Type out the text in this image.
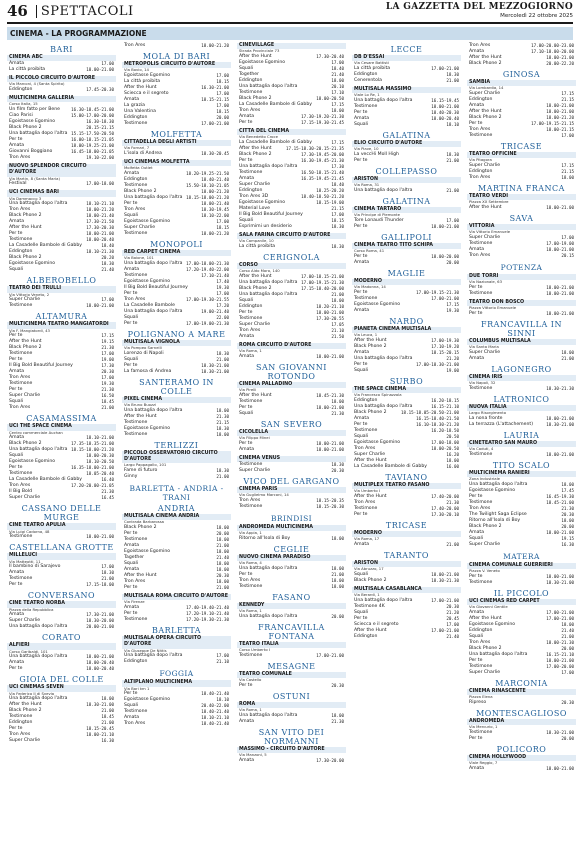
46 SPETTACOLI	LA GAZZETTA DEL MEZZOGIORNO
Mercoledì 22 ottobre 2025
CINEMA - LA PROGRAMMAZIONE
BARI
CINEMA ABC
Amata	17.00
La città proibita	18.00-21.00
IL PICCOLO CIRCUITO D'AUTORE
Via Marconi, 4 (Santa Spirito)
Eddington	17.45-20.30
MULTICINEMA GALLERIA
Corso Italia, 15
Un film fatto per Bene	16.30-18.45-21.00
Ciao Parisi	15.00-17.00-20.00
Egoistasse Egomino	16.30-18.30
Black Phone 2	20.15-21.15
Una battaglia dopo l'altra 15.15-17.50-20.50
Per te	16.00-18.15-21.05
Amata	18.00-19.25-21.00
Giovanni Boggiano	16.45-18.00-21.05
Tron Ares	19.10-22.00
NUOVO SPLENDOR CIRCUITO D'AUTORE
Via Martin, 8 (Santa Maria)
Festival	17.00-18.00
UCI CINEMAS BARI
Via Dammacco 3
Una battaglia dopo l'altra	18.10-21.10
Tron Ares	18.00-21.20
Black Phone 2	18.00-21.40
Amata	17.30-21.50
After the Hunt	17.30-20.30
Per te	18.00-21.00
Testimone	18.00-20.40
La Casadelle Bambole di Gabby	18.40
Eddington	18.10-21.30
Black Phone 2	20.20
Egoistasse Egomino	18.30
Squali	21.40
ALBEROBELLO
TEATRO DEI TRULLI
Via Vittorio Veneto, 2
Super Charlie	17.00
Testimone	18.00-21.00
ALTAMURA
MULTICINEMA TEATRO MANGIATORDI
Via F. Mangiatordi, 43
Per te	17.15
After the Hunt	19.15
Black Phone 2	21.30
Testimone	17.00
Per te	19.00
Il Big Bold Beautiful Journey	17.30
Amata	20.30
Tron Ares	17.00
Testimone	19.30
Per te	21.30
Super Charlie	16.50
Squali	18.45
Tron Ares	21.00
CASAMASSIMA
UCI THE SPACE CINEMA
Centro commerciale Auchan
Amata	18.10-21.00
Black Phone 2	17.35-18.35-21.00
Una battaglia dopo l'altra 18.15-18.00-21.20
Squali	18.00-20.30
Egoistasse Egomino	18.10-20.50
Per te	16.35-18.00-21.00
Testimone	18.05-20.40
La Casadelle Bambole di Gabby	16.40
Tron Ares	17.20-20.00-21.05
Il Big Bold	21.30
Super Charlie	16.45
CASSANO DELLE MURGE
CINE TEATRO APULIA
Via Luigi Cadorna, 48
Testimone	18.00-21.00
CASTELLANA GROTTE
MILLELUCI
Via Matteotti, 11
Il bambino di Sarajevo	17.00
Amata	18.30
Testimone	21.00
Per te	17.15-18.00
CONVERSANO
CINE TEATRO NORBA
Piazza della Repubblica
Amata	17.30-21.00
Super Charlie	18.30-20.00
Una battaglia dopo l'altra	20.00-21.00
CORATO
ALFIERI
Corso Garibaldi, 101
Una battaglia dopo l'altra	18.00-21.00
Amata	18.00-20.40
Per te	18.00-20.40
GIOIA DEL COLLE
UCI CINEMAS SEVEN
Via Federico II di Svevia
Una battaglia dopo l'altra	18.00
After the Hunt	18.30-21.00
Black Phone 2	21.00
Testimone	18.45
Eddington	21.00
Per te	18.15-20.45
Tron Ares	18.00-21.10
Super Charlie	16.30
Tron Ares	18.00-21.20
MOLA DI BARI
METROPOLIS CIRCUITO D'AUTORE
Via Bovio, 14
Egoistasse Egomino	17.00
La città proibita	18.15
After the Hunt	16.30-21.00
Sciecca e il segreto	17.00
Amata	18.15-21.15
La grazia	17.00
Una Valentina	18.15
Eddington	20.00
Testimone	17.00-21.00
MOLFETTA
CITTADELLA DEGLI ARTISTI
Via Fornari, 7
L'isola di Andrea	18.30-20.45
UCI CINEMAS MOLFETTA
Molfetta Outlet
Amata	18.20-19.25-21.50
Eddington	18.40-21.40
Testimone	15.50-18.10-21.05
Black Phone 2	18.00-21.20
Una battaglia dopo l'altra 18.15-18.00-21.20
Per te	18.00-21.40
Tron Ares	18.30-19.45
Squali	18.10-22.00
Egoistasse Egomino	17.00
Super Charlie	18.15
Testimone	18.00-21.20
MONOPOLI
RED CARPET CINEMA
Via Baione, 101
Una battaglia dopo l'altra 17.00-18.00-21.30
Amata	17.20-19.40-22.00
Testimone	17.10-21.40
Egoistasse Egomino	17.40
Il Big Bold Beautiful Journey	19.30
Per te	17.00
Tron Ares	17.00-19.30-21.55
La Casadelle Bambole	17.20
Una battaglia dopo l'altra	19.00-21.40
Squali	22.00
Per te	17.00-19.00-21.30
POLIGNANO A MARE
MULTISALA VIGNOLA
Via Pompeo Sarnelli
Lorenzo di Napoli	18.30
Squali	21.00
Per te	18.30-21.00
La famosa di Andrea	18.30-21.00
SANTERAMO IN COLLE
PIXEL CINEMA
Via Bruno Buozzi
Una battaglia dopo l'altra	18.00
After the Hunt	21.30
Testimone	21.15
Egoistasse Egomino	18.30
Testimone	18.00
TERLIZZI
PICCOLO OSSERVATORIO CIRCUITO D'AUTORE
Largo Pappagallo, 101
Fame di futuro	18.30
Ginny	21.00
BARLETTA - ANDRIA - TRANI
ANDRIA
MULTISALA CINEMA ANDRIA
Contrada Barbarossa
Black Phone 2	18.00
Per te	20.00
Testimone	18.00
Amata	21.00
Egoistasse Egomino	18.00
Tagether	21.40
Squali	18.00
Amata	18.00
After the Hunt	20.30
Tron Ares	18.00
Per te	21.00
MULTISALA ROMA CIRCUITO D'AUTORE
Via Firenze
Amata	17.40-19.40-21.40
Per te	17.20-19.10-21.40
Testimone	17.20-19.30-21.30
BARLETTA
MULTISALA OPERA CIRCUITO D'AUTORE
Via Giuseppe De Nittis
Una battaglia dopo l'altra	17.00
Eddington	21.10
FOGGIA
ALTIPLANO MULTICINEMA
Via Bari km 1
Per te	18.40-21.40
Egoistasse Egomino	18.10
Squali	20.40-22.00
Testimone	18.40-21.40
Amata	18.10-21.10
Tron Ares	18.40-21.40
CINEVILLAGE
Strada Provinciale 73
After the Hunt	17.30-20.40
Egoistasse Egomino	17.00
Squali	18.40
Together	21.40
Eddington	18.00
Una battaglia dopo l'altra	20.10
Testimone	17.10
Black Phone 2	18.00-20.50
La Casadelle Bambole di Gabby	17.15
Tron Ares	18.00
Amata	17.30-19.20-21.30
Per te	17.15-19.30-21.45
CITTA DEL CINEMA
Via Benedetto Croce
La Casadelle Bambole di Gabby	17.15
After the Hunt	17.15-18.30-20.15-21.35
Black Phone 2	17.30-19.45-20.00
Per te	16.30-19.45-21.30
Una battaglia dopo l'altra	17.30
Testimone	16.50-18.15-21.40
Amata	16.35-19.45-21.45
Super Charlie	18.40
Eddington	18.25-20.20
Tron Ares 3D	18.40-18.50-21.20
Egoistasse Egomino	18.15-19.00
Material Love	21.15
Il Big Bold Beautiful Journey	17.00
Squali	18.15
Esprimimi un desiderio	18.30
SALA FARINA CIRCUITO D'AUTORE
Via Campanile, 10
La città proibita	18.30
CERIGNOLA
CORSO
Corso Aldo Moro, 140
After the Hunt	17.00-18.15-21.00
Una battaglia dopo l'altra 17.00-19.15-21.30
Black Phone 2	17.15-18.40-20.00
Una battaglia dopo l'altra	21.00
Squali	18.00
Eddington	18.20-21.10
Per te	18.00-21.00
Testimone	17.30-20.55
Super Charlie	17.05
Tron Ares	21.10
Amata	21.50
ROMA CIRCUITO D'AUTORE
Via Roma, 1
Amata	18.00-21.00
SAN GIOVANNI ROTONDO
CINEMA PALLADINO
Via Pirelli
After the Hunt	18.45-21.30
Testimone	18.00
Per te	18.00-21.00
Squali	21.30
SAN SEVERO
CICOLELLA
Via Filippo Minei
Per te	18.00-21.00
Amata	18.00-21.00
CINEMA VENUS
Testimone	18.30
Super Charlie	20.30
VICO DEL GARGANO
CINEMA PARIS
Via Guglielmo Marconi, 14
Tron Ares	18.15-20.35
Testimone	18.15-20.30
BRINDISI
ANDROMEDA MULTICINEMA
Via Appia, 1
Ritorno all'Isola di Boy	18.00
CEGLIE
NUOVO CINEMA PARADISO
Via Roma, 4
Una battaglia dopo l'altra	18.00
Per te	21.00
Tron Ares	18.00
Testimone	18.00
FASANO
KENNEDY
Via Roma, 1
Una battaglia dopo l'altra	20.00
FRANCAVILLA FONTANA
TEATRO ITALIA
Corso Umberto I
Testimone	17.00-21.00
MESAGNE
TEATRO COMUNALE
Via Castello
Per te	20.30
OSTUNI
ROMA
Via Roma, 1
Una battaglia dopo l'altra	18.00
Amata	21.30
SAN VITO DEI NORMANNI
MASSIMO - CIRCUITO D'AUTORE
Via Manzoni, 5
Amata	17.30-20.00
LECCE
DB D'ESSAI
Via Cesare Battisti
La città proibita	17.00-21.00
Eddington	18.30
Cenerentola	21.00
MULTISALA MASSIMO
Viale Lo Re, 1
Una battaglia dopo l'altra	16.15-19.45
Testimone	18.00-21.00
Per te	18.40-20.30
Amata	18.00-20.40
Squali	18.10
GALATINA
ELIO CIRCUITO D'AUTORE
Via Piave, 10
La veccHi Moll High	18.30
Per te	21.00
COLLEPASSO
ARISTON
Via Roma, 31
Una battaglia dopo l'altra	21.00
GALATINA
CINEMA TARTARO
Via Principe di Piemonte
Tore Lonaudi Thunder	17.00
Per te	18.00-21.00
GALLIPOLI
CINEMA TEATRO TITO SCHIPA
Corso Roma, 41
Per te	18.00-20.00
Amata	20.00
MAGLIE
MODERNO
Via Madonna, 14
Per te	17.00-19.15-21.30
Testimone	17.00-21.00
Egoistasse Egomino	17.15
Amata	19.30
NARDO
PIANETA CINEMA MULTISALA
Via Leuca, 1
After the Hunt	17.00-19.30
Black Phone 2	17.10-19.20
Amata	18.15-20.15
Una battaglia dopo l'altra	21.20
Per te	17.00-18.30-21.00
Squali	19.00
SURBO
THE SPACE CINEMA
Via Francesco Spinazzola
Eddington	16.20-18.15
Una battaglia dopo l'altra	16.15-21.10
Black Phone 2	18.15-18.05-20.50-21.00
Amata	16.15-18.40-21.50
Per te	16.10-18.30-21.20
Testimone	16.20-18.50
Squali	20.50
Egoistasse Egomino	17.00-18.00
Tron Ares	18.00-20.50
Super Charlie	16.20
After the Hunt	18.00
La Casadelle Bambole di Gabby	16.00
TAVIANO
MULTIPLEX TEATRO FASANO
Via Umberto I
After the Hunt	17.40-20.00
Tron Ares	21.30
Testimone	17.40-20.00
Per te	17.30-20.10
TRICASE
MODERNO
Via Roma, 17
Amata	21.00
TARANTO
ARISTON
Via Abruzzo, 17
Squali	18.00-21.00
Black Phone 2	18.30-21.30
MULTISALA CASABLANCA
Via Berardi, 1
Una battaglia dopo l'altra	17.00-21.00
Testimone 4K	20.30
Squali	21.20
Per te	20.45
Sciecca e il segreto	17.00
After the Hunt	17.00-21.00
Eddington	21.40
Tron Ares	17.00-20.00-23.00
Amata	17.10-18.00-20.00
After the Hunt	18.00-21.00
Black Phone 2	20.00-22.20
GINOSA
SAMBIA
Via Lombardia, 14
Super Charlie	17.15
Eddington	21.15
Amata	18.00-21.00
After the Hunt	18.00-21.00
Black Phone 2	18.00-21.20
Per te	17.00-19.15-21.15
Tron Ares	18.00-21.15
Testimone	17.00
TRICASE
TEATRO OFFICINE
Via Pitagora
Super Charlie	17.15
Eddington	21.15
Tron Ares	18.00
MARTINA FRANCA
TEATRO VERDI
Piazza XX Settembre
After the Hunt	18.00-21.00
SAVA
VITTORIA
Via Vittorio Emanuele
Super Charlie	17.00
Testimone	17.00-19.00
Amata	18.00-21.00
Tron Ares	20.15
POTENZA
DUE TORRI
Via Nazionale, 63
Per te	18.00-21.00
Testimone	18.00-21.00
TEATRO DON BOSCO
Piazza Vittorio Emanuele
Per te	18.00-21.00
FRANCAVILLA IN SINNI
COLUMBUS MULTISALA
Via Santa Maria
Super Charlie	18.00
Amata	21.00
LAGONEGRO
CINEMA IRIS
Via Napoli, 32
Testimone	18.30-21.30
LATRONICO
NUOVA ITALIA
Largo Risorgimento
La nona fronte	18.00-21.00
La terrazza (L'attachement)	18.30-21.00
LAURIA
CINETEATRO SAN MAURO
Via Caduti, 4
Testimone	18.00-21.00
TITO SCALO
MULTICINEMA RANIERI
Zona Industriale
Una battaglia dopo l'altra	18.00
Egoistasse Egomino	17.45
Per te	16.45-19.30
Testimone	18.45-21.00
Tron Ares	21.30
The Twilight Saga Eclipse	20.30
Ritorno all'Isola di Boy	18.00
Black Phone 2	20.00
Amata	18.00-21.00
Squali	19.15
Super Charlie	16.30
MATERA
CINEMA COMUNALE GUERRIERI
Piazza V. Veneto
Per te	18.00-21.00
Testimone	18.30-21.00
IL PICCOLO
UCI CINEMAS RED CARPET
Via Giovanni Gentile
Amata	17.00-21.00
After the Hunt	17.00-21.00
Egoistasse Egomino	18.00
Eddington	21.40
Squali	21.00
Tron Ares	18.00-21.30
Black Phone 2	20.00
Una battaglia dopo l'altra	16.15-21.10
Per te	18.00-21.00
Testimone	17.00-20.00
Super Charlie	17.00
MARCONIA
CINEMA RINASCENTE
Piazza Elena
Ripreso	20.30
MONTESCAGLIOSO
ANDROMEDA
Via Mercurio, 1
Testimone	18.30-21.00
Per te	20.00
POLICORO
CINEMA HOLLYWOOD
Viale Reggio, 7
Amata	18.00-21.00
